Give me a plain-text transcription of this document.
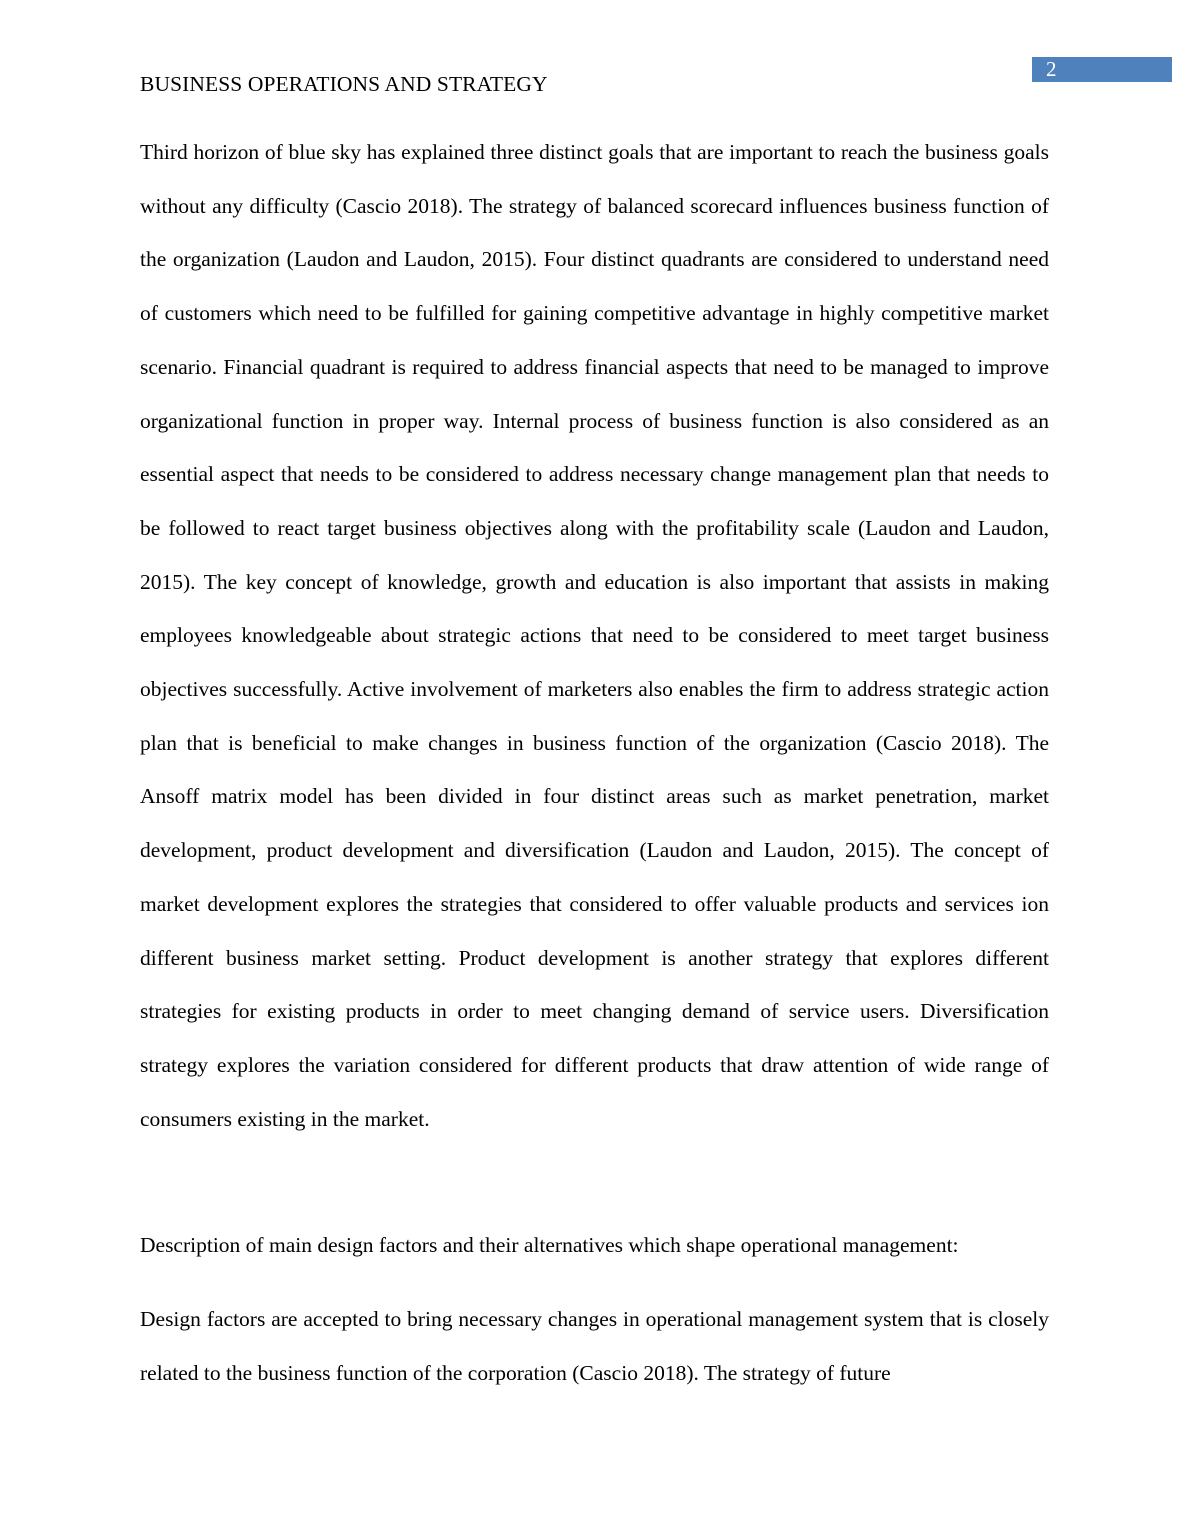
2
BUSINESS OPERATIONS AND STRATEGY

Third horizon of blue sky has explained three distinct goals that are important to reach the business goals without any difficulty (Cascio 2018). The strategy of balanced scorecard influences business function of the organization (Laudon and Laudon, 2015). Four distinct quadrants are considered to understand need of customers which need to be fulfilled for gaining competitive advantage in highly competitive market scenario. Financial quadrant is required to address financial aspects that need to be managed to improve organizational function in proper way. Internal process of business function is also considered as an essential aspect that needs to be considered to address necessary change management plan that needs to be followed to react target business objectives along with the profitability scale (Laudon and Laudon, 2015). The key concept of knowledge, growth and education is also important that assists in making employees knowledgeable about strategic actions that need to be considered to meet target business objectives successfully. Active involvement of marketers also enables the firm to address strategic action plan that is beneficial to make changes in business function of the organization (Cascio 2018). The Ansoff matrix model has been divided in four distinct areas such as market penetration, market development, product development and diversification (Laudon and Laudon, 2015). The concept of market development explores the strategies that considered to offer valuable products and services ion different business market setting. Product development is another strategy that explores different strategies for existing products in order to meet changing demand of service users. Diversification strategy explores the variation considered for different products that draw attention of wide range of consumers existing in the market.

Description of main design factors and their alternatives which shape operational management:

Design factors are accepted to bring necessary changes in operational management system that is closely related to the business function of the corporation (Cascio 2018). The strategy of future
